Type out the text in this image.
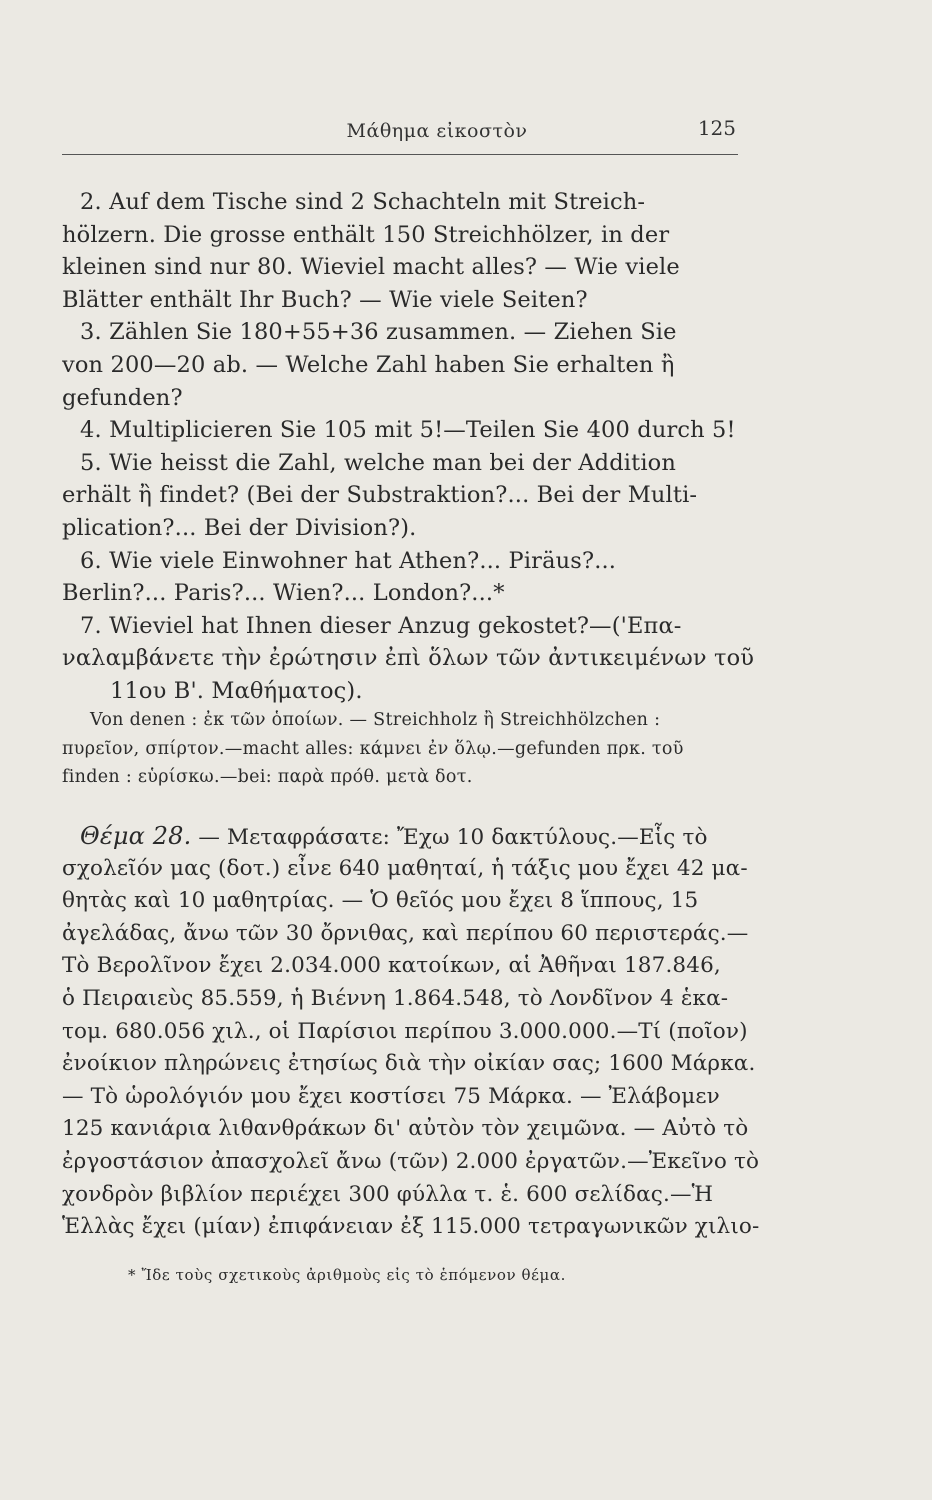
Μάθημα εἰκοστὸν	125
2. Auf dem Tische sind 2 Schachteln mit Streich-
hölzern. Die grosse enthält 150 Streichhölzer, in der
kleinen sind nur 80. Wieviel macht alles? — Wie viele
Blätter enthält Ihr Buch? — Wie viele Seiten?
3. Zählen Sie 180+55+36 zusammen. — Ziehen Sie
von 200—20 ab. — Welche Zahl haben Sie erhalten ἢ
gefunden?
4. Multiplicieren Sie 105 mit 5!—Teilen Sie 400 durch 5!
5. Wie heisst die Zahl, welche man bei der Addition
erhält ἢ findet? (Bei der Substraktion?... Bei der Multi-
plication?... Bei der Division?).
6. Wie viele Einwohner hat Athen?... Piräus?...
Berlin?... Paris?... Wien?... London?...*
7. Wieviel hat Ihnen dieser Anzug gekostet?—('Επα-
ναλαμβάνετε τὴν ἐρώτησιν ἐπὶ ὅλων τῶν ἀντικειμένων τοῦ
11ου Β'. Μαθήματος).
Von denen : ἐκ τῶν ὁποίων. — Streichholz ἢ Streichhölzchen :
πυρεῖον, σπίρτον.—macht alles: κάμνει ἐν ὅλῳ.—gefunden πρκ. τοῦ
finden : εὑρίσκω.—bei: παρὰ πρόθ. μετὰ δοτ.
Θέμα 28. — Μεταφράσατε: Ἔχω 10 δακτύλους.—Εἷς τὸ
σχολεῖόν μας (δοτ.) εἶνε 640 μαθηταί, ἡ τάξις μου ἔχει 42 μα-
θητὰς καὶ 10 μαθητρίας. — Ὁ θεῖός μου ἔχει 8 ἵππους, 15
ἀγελάδας, ἄνω τῶν 30 ὄρνιθας, καὶ περίπου 60 περιστεράς.—
Τὸ Βερολῖνον ἔχει 2.034.000 κατοίκων, αἱ Ἀθῆναι 187.846,
ὁ Πειραιεὺς 85.559, ἡ Βιέννη 1.864.548, τὸ Λονδῖνον 4 ἑκα-
τομ. 680.056 χιλ., οἱ Παρίσιοι περίπου 3.000.000.—Τί (ποῖον)
ἐνοίκιον πληρώνεις ἐτησίως διὰ τὴν οἰκίαν σας; 1600 Μάρκα.
— Τὸ ὡρολόγιόν μου ἔχει κοστίσει 75 Μάρκα. — Ἐλάβομεν
125 κανιάρια λιθανθράκων δι' αὐτὸν τὸν χειμῶνα. — Αὐτὸ τὸ
ἐργοστάσιον ἀπασχολεῖ ἄνω (τῶν) 2.000 ἐργατῶν.—Ἐκεῖνο τὸ
χονδρὸν βιβλίον περιέχει 300 φύλλα τ. ἑ. 600 σελίδας.—Ἡ
Ἑλλὰς ἔχει (μίαν) ἐπιφάνειαν ἐξ 115.000 τετραγωνικῶν χιλιο-
* Ἴδε τοὺς σχετικοὺς ἀριθμοὺς εἰς τὸ ἑπόμενον θέμα.
